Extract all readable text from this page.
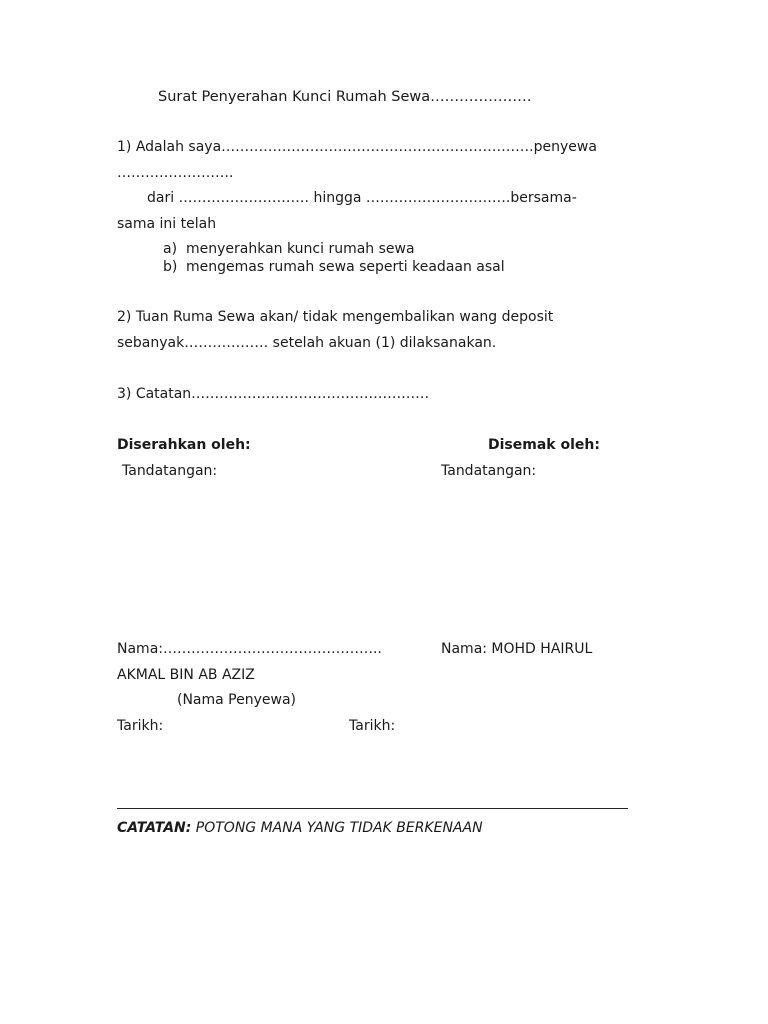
Surat Penyerahan Kunci Rumah Sewa…………………
1) Adalah saya………………………………………………………….penyewa
…………………….
dari ………………………. hingga ………………………….bersama-
sama ini telah
a) menyerahkan kunci rumah sewa
b) mengemas rumah sewa seperti keadaan asal
2) Tuan Ruma Sewa akan/ tidak mengembalikan wang deposit
sebanyak……………… setelah akuan (1) dilaksanakan.
3) Catatan……………………………………………
Diserahkan oleh:	Disemak oleh:
Tandatangan:	Tandatangan:
Nama:………………………………………..	Nama: MOHD HAIRUL
AKMAL BIN AB AZIZ
(Nama Penyewa)
Tarikh:	Tarikh:
CATATAN: POTONG MANA YANG TIDAK BERKENAAN
